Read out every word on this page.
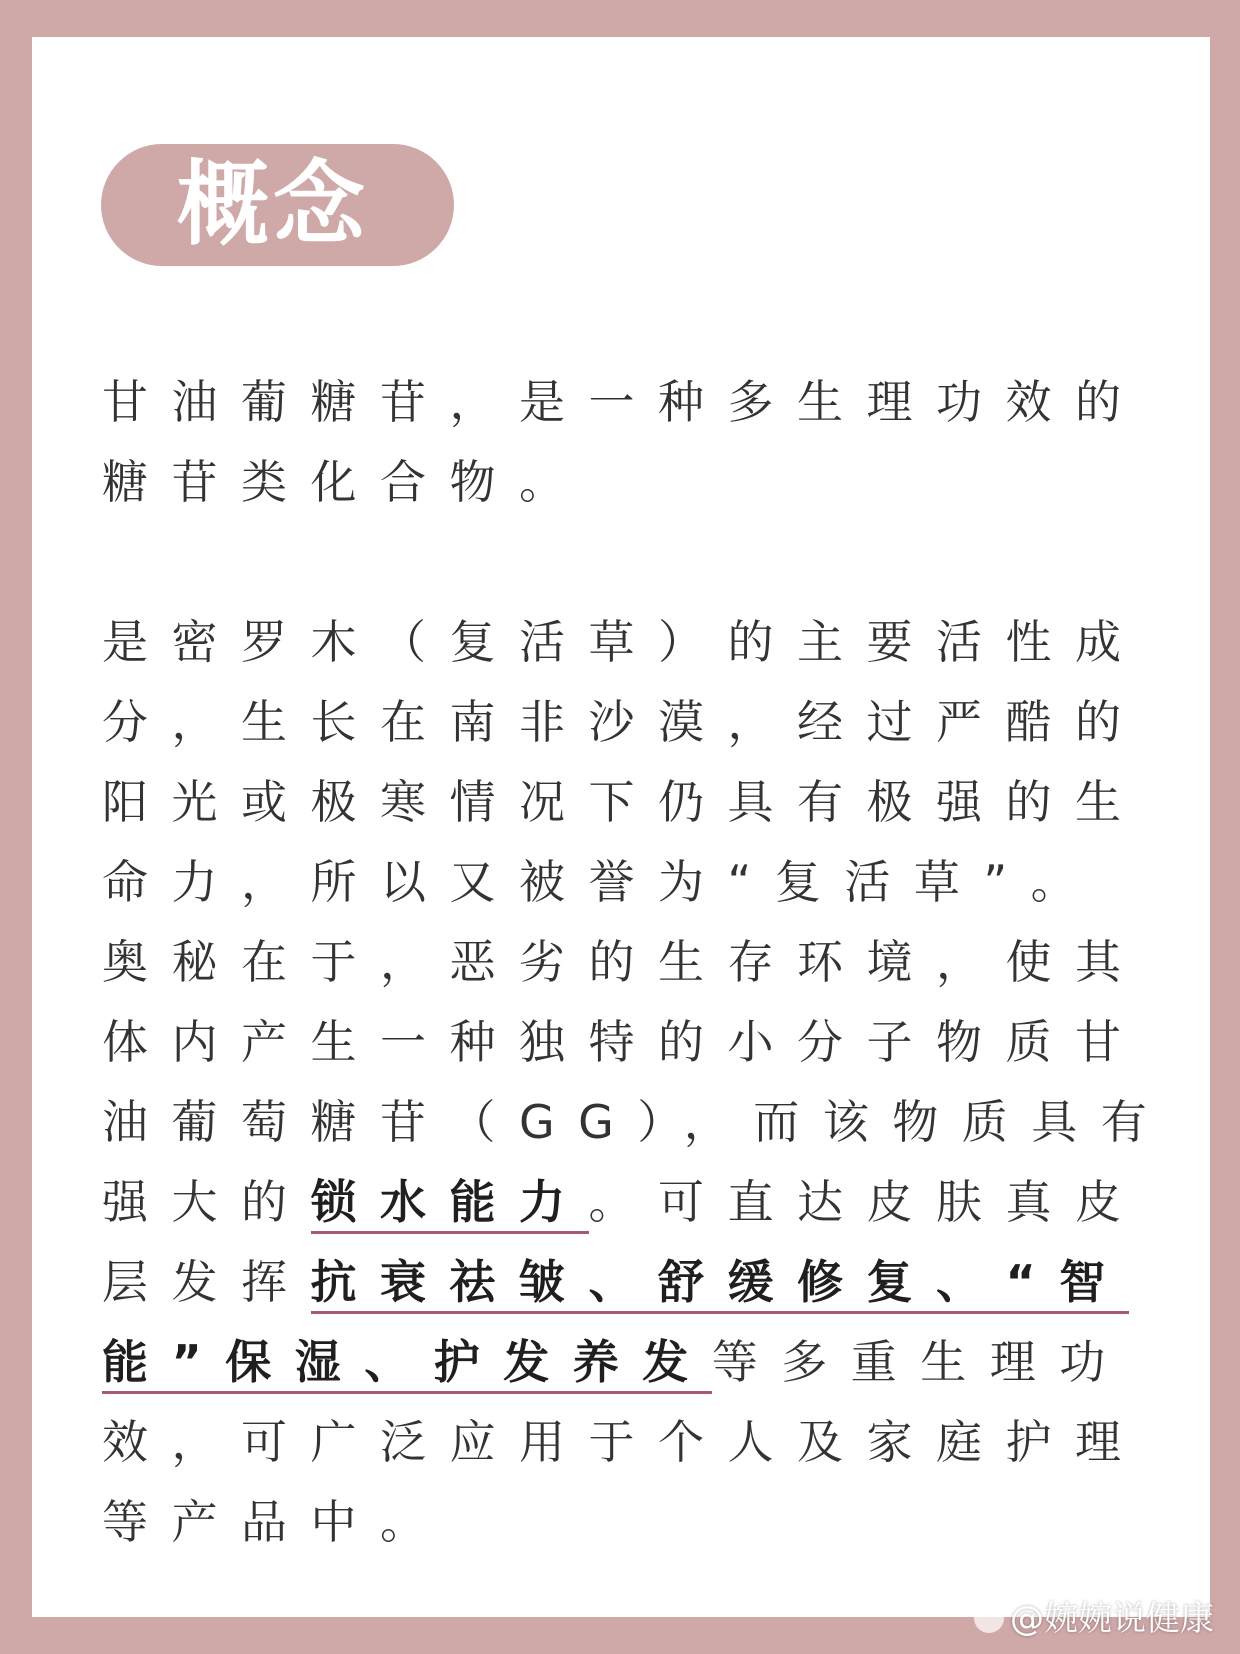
概念
甘油葡糖苷，是一种多生理功效的
糖苷类化合物。
是密罗木（复活草）的主要活性成
分，生长在南非沙漠，经过严酷的
阳光或极寒情况下仍具有极强的生
命力，所以又被誉为“复活草”。
奥秘在于，恶劣的生存环境，使其
体内产生一种独特的小分子物质甘
油葡萄糖苷（GG），而该物质具有
强大的锁水能力。可直达皮肤真皮
层发挥抗衰祛皱、舒缓修复、“智
能”保湿、护发养发等多重生理功
效，可广泛应用于个人及家庭护理
等产品中。
@婉婉说健康
